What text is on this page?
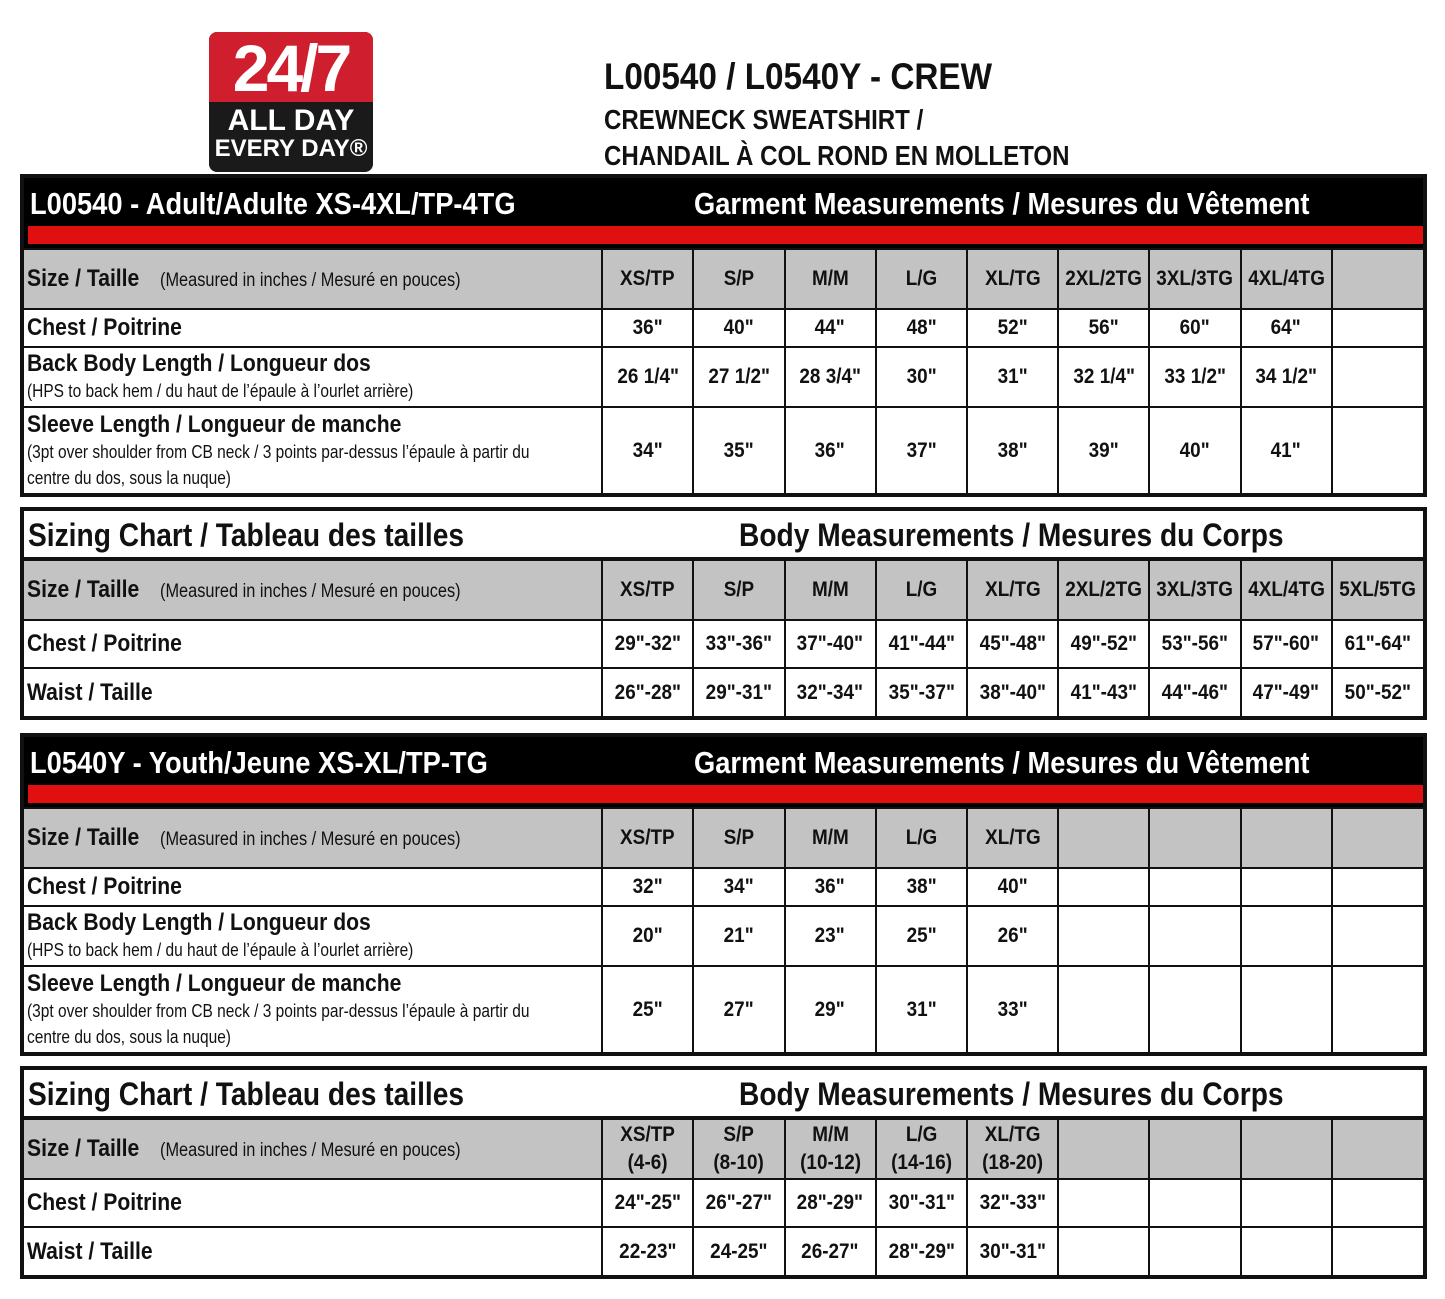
24/7
ALL DAY
EVERY DAY®
L00540 / L0540Y - CREW
CREWNECK SWEATSHIRT /
CHANDAIL À COL ROND EN MOLLETON
L00540 - Adult/Adulte XS-4XL/TP-4TG	Garment Measurements / Mesures du Vêtement
Size / Taille (Measured in inches / Mesuré en pouces)	XS/TP	S/P	M/M	L/G	XL/TG	2XL/2TG	3XL/3TG	4XL/4TG	
Chest / Poitrine	36"	40"	44"	48"	52"	56"	60"	64"	
Back Body Length / Longueur dos
(HPS to back hem / du haut de l’épaule à l’ourlet arrière)	26 1/4"	27 1/2"	28 3/4"	30"	31"	32 1/4"	33 1/2"	34 1/2"	
Sleeve Length / Longueur de manche
(3pt over shoulder from CB neck / 3 points par-dessus l’épaule à partir du
centre du dos, sous la nuque)	34"	35"	36"	37"	38"	39"	40"	41"	
Sizing Chart / Tableau des tailles	Body Measurements / Mesures du Corps
Size / Taille (Measured in inches / Mesuré en pouces)	XS/TP	S/P	M/M	L/G	XL/TG	2XL/2TG	3XL/3TG	4XL/4TG	5XL/5TG
Chest / Poitrine	29"-32"	33"-36"	37"-40"	41"-44"	45"-48"	49"-52"	53"-56"	57"-60"	61"-64"
Waist / Taille	26"-28"	29"-31"	32"-34"	35"-37"	38"-40"	41"-43"	44"-46"	47"-49"	50"-52"
L0540Y - Youth/Jeune XS-XL/TP-TG	Garment Measurements / Mesures du Vêtement
Size / Taille (Measured in inches / Mesuré en pouces)	XS/TP	S/P	M/M	L/G	XL/TG				
Chest / Poitrine	32"	34"	36"	38"	40"				
Back Body Length / Longueur dos
(HPS to back hem / du haut de l’épaule à l’ourlet arrière)	20"	21"	23"	25"	26"				
Sleeve Length / Longueur de manche
(3pt over shoulder from CB neck / 3 points par-dessus l’épaule à partir du
centre du dos, sous la nuque)	25"	27"	29"	31"	33"				
Sizing Chart / Tableau des tailles	Body Measurements / Mesures du Corps
Size / Taille (Measured in inches / Mesuré en pouces)	XS/TP
(4-6)	S/P
(8-10)	M/M
(10-12)	L/G
(14-16)	XL/TG
(18-20)				

Chest / Poitrine	24"-25"	26"-27"	28"-29"	30"-31"	32"-33"				
Waist / Taille	22-23"	24-25"	26-27"	28"-29"	30"-31"				
